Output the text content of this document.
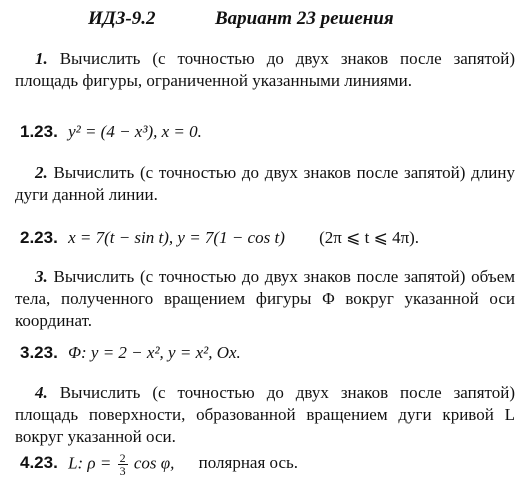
ИДЗ-9.2	Вариант 23 решения
1. Вычислить (с точностью до двух знаков после запятой) площадь фигуры, ограниченной указанными линиями.
1.23. y² = (4 − x³), x = 0.
2. Вычислить (с точностью до двух знаков после запятой) длину дуги данной линии.
2.23. x = 7(t − sin t), y = 7(1 − cos t) (2π ⩽ t ⩽ 4π).
3. Вычислить (с точностью до двух знаков после запятой) объем тела, полученного вращением фигуры Φ вокруг указанной оси координат.
3.23. Φ: y = 2 − x², y = x², Ox.
4. Вычислить (с точностью до двух знаков после запятой) площадь поверхности, образованной вращением дуги кривой L вокруг указанной оси.
4.23. L: $\rho = \frac{2}{3}$ cos φ, полярная ось.
